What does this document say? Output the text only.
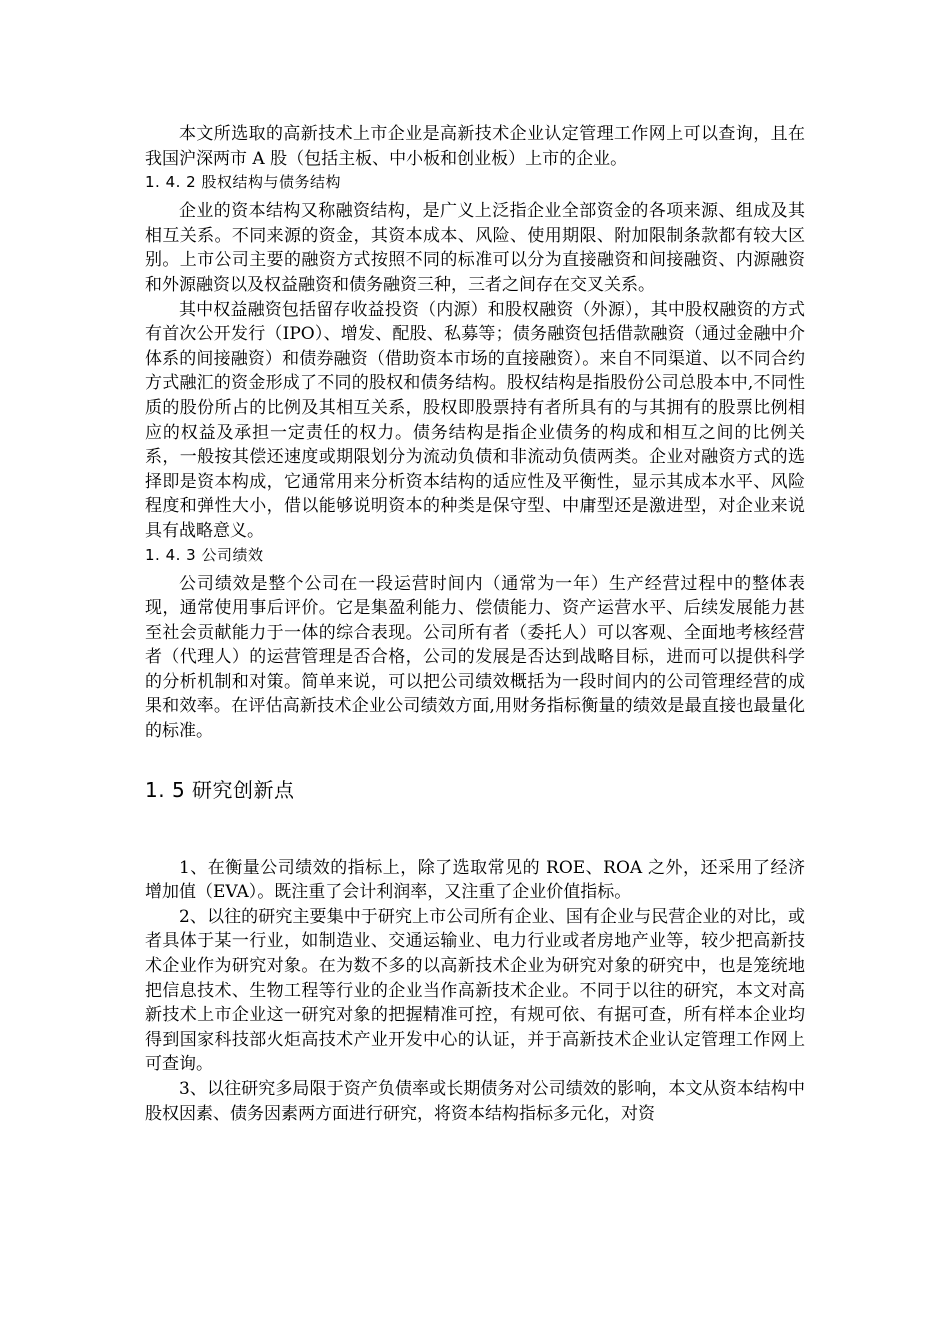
本文所选取的高新技术上市企业是高新技术企业认定管理工作网上可以查询，且在我国沪深两市 A 股（包括主板、中小板和创业板）上市的企业。

1. 4. 2 股权结构与债务结构

企业的资本结构又称融资结构，是广义上泛指企业全部资金的各项来源、组成及其相互关系。不同来源的资金，其资本成本、风险、使用期限、附加限制条款都有较大区别。上市公司主要的融资方式按照不同的标准可以分为直接融资和间接融资、内源融资和外源融资以及权益融资和债务融资三种，三者之间存在交叉关系。

其中权益融资包括留存收益投资（内源）和股权融资（外源），其中股权融资的方式有首次公开发行（IPO）、增发、配股、私募等；债务融资包括借款融资（通过金融中介体系的间接融资）和债券融资（借助资本市场的直接融资）。来自不同渠道、以不同合约方式融汇的资金形成了不同的股权和债务结构。股权结构是指股份公司总股本中,不同性质的股份所占的比例及其相互关系，股权即股票持有者所具有的与其拥有的股票比例相应的权益及承担一定责任的权力。债务结构是指企业债务的构成和相互之间的比例关系，一般按其偿还速度或期限划分为流动负债和非流动负债两类。企业对融资方式的选择即是资本构成，它通常用来分析资本结构的适应性及平衡性，显示其成本水平、风险程度和弹性大小，借以能够说明资本的种类是保守型、中庸型还是激进型，对企业来说具有战略意义。

1. 4. 3 公司绩效

公司绩效是整个公司在一段运营时间内（通常为一年）生产经营过程中的整体表现，通常使用事后评价。它是集盈利能力、偿债能力、资产运营水平、后续发展能力甚至社会贡献能力于一体的综合表现。公司所有者（委托人）可以客观、全面地考核经营者（代理人）的运营管理是否合格，公司的发展是否达到战略目标，进而可以提供科学的分析机制和对策。简单来说，可以把公司绩效概括为一段时间内的公司管理经营的成果和效率。在评估高新技术企业公司绩效方面,用财务指标衡量的绩效是最直接也最量化的标准。

1. 5 研究创新点

1、在衡量公司绩效的指标上，除了选取常见的 ROE、ROA 之外，还采用了经济增加值（EVA）。既注重了会计利润率，又注重了企业价值指标。

2、以往的研究主要集中于研究上市公司所有企业、国有企业与民营企业的对比，或者具体于某一行业，如制造业、交通运输业、电力行业或者房地产业等，较少把高新技术企业作为研究对象。在为数不多的以高新技术企业为研究对象的研究中，也是笼统地把信息技术、生物工程等行业的企业当作高新技术企业。不同于以往的研究，本文对高新技术上市企业这一研究对象的把握精准可控，有规可依、有据可查，所有样本企业均得到国家科技部火炬高技术产业开发中心的认证，并于高新技术企业认定管理工作网上可查询。

3、以往研究多局限于资产负债率或长期债务对公司绩效的影响，本文从资本结构中股权因素、债务因素两方面进行研究，将资本结构指标多元化，对资
